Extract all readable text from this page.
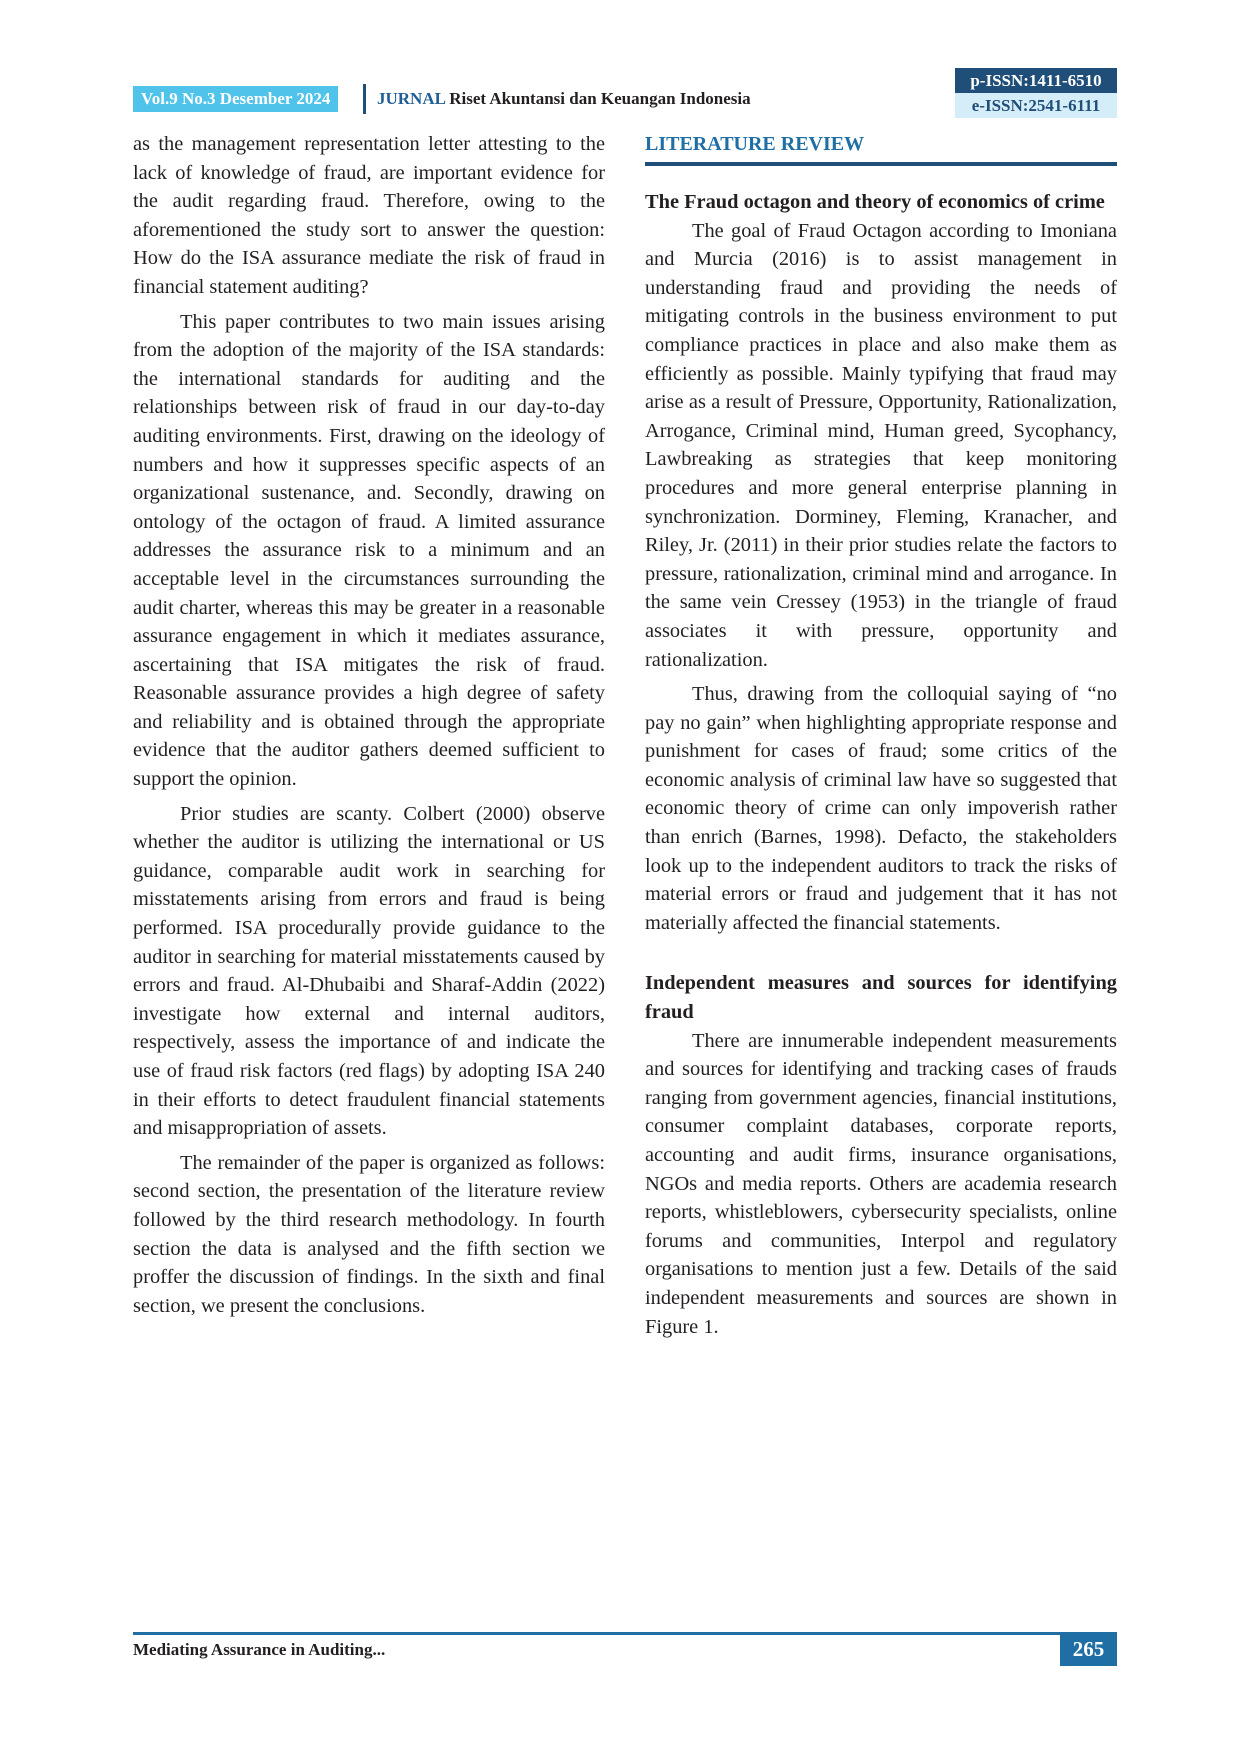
Vol.9 No.3 Desember 2024	JURNAL Riset Akuntansi dan Keuangan Indonesia
p-ISSN:1411-6510
e-ISSN:2541-6111

as the management representation letter attesting to the lack of knowledge of fraud, are important evidence for the audit regarding fraud. Therefore, owing to the aforementioned the study sort to answer the question: How do the ISA assurance mediate the risk of fraud in financial statement auditing?

This paper contributes to two main issues arising from the adoption of the majority of the ISA standards: the international standards for auditing and the relationships between risk of fraud in our day-to-day auditing environments. First, drawing on the ideology of numbers and how it suppresses specific aspects of an organizational sustenance, and. Secondly, drawing on ontology of the octagon of fraud. A limited assurance addresses the assurance risk to a minimum and an acceptable level in the circumstances surrounding the audit charter, whereas this may be greater in a reasonable assurance engagement in which it mediates assurance, ascertaining that ISA mitigates the risk of fraud. Reasonable assurance provides a high degree of safety and reliability and is obtained through the appropriate evidence that the auditor gathers deemed sufficient to support the opinion.

Prior studies are scanty. Colbert (2000) observe whether the auditor is utilizing the international or US guidance, comparable audit work in searching for misstatements arising from errors and fraud is being performed. ISA procedurally provide guidance to the auditor in searching for material misstatements caused by errors and fraud. Al-Dhubaibi and Sharaf-Addin (2022) investigate how external and internal auditors, respectively, assess the importance of and indicate the use of fraud risk factors (red flags) by adopting ISA 240 in their efforts to detect fraudulent financial statements and misappropriation of assets.

The remainder of the paper is organized as follows: second section, the presentation of the literature review followed by the third research methodology. In fourth section the data is analysed and the fifth section we proffer the discussion of findings. In the sixth and final section, we present the conclusions.

LITERATURE REVIEW

The Fraud octagon and theory of economics of crime

The goal of Fraud Octagon according to Imoniana and Murcia (2016) is to assist management in understanding fraud and providing the needs of mitigating controls in the business environment to put compliance practices in place and also make them as efficiently as possible. Mainly typifying that fraud may arise as a result of Pressure, Opportunity, Rationalization, Arrogance, Criminal mind, Human greed, Sycophancy, Lawbreaking as strategies that keep monitoring procedures and more general enterprise planning in synchronization. Dorminey, Fleming, Kranacher, and Riley, Jr. (2011) in their prior studies relate the factors to pressure, rationalization, criminal mind and arrogance. In the same vein Cressey (1953) in the triangle of fraud associates it with pressure, opportunity and rationalization.

Thus, drawing from the colloquial saying of “no pay no gain” when highlighting appropriate response and punishment for cases of fraud; some critics of the economic analysis of criminal law have so suggested that economic theory of crime can only impoverish rather than enrich (Barnes, 1998). Defacto, the stakeholders look up to the independent auditors to track the risks of material errors or fraud and judgement that it has not materially affected the financial statements.

Independent measures and sources for identifying fraud

There are innumerable independent measurements and sources for identifying and tracking cases of frauds ranging from government agencies, financial institutions, consumer complaint databases, corporate reports, accounting and audit firms, insurance organisations, NGOs and media reports. Others are academia research reports, whistleblowers, cybersecurity specialists, online forums and communities, Interpol and regulatory organisations to mention just a few. Details of the said independent measurements and sources are shown in Figure 1.

Mediating Assurance in Auditing...	265
